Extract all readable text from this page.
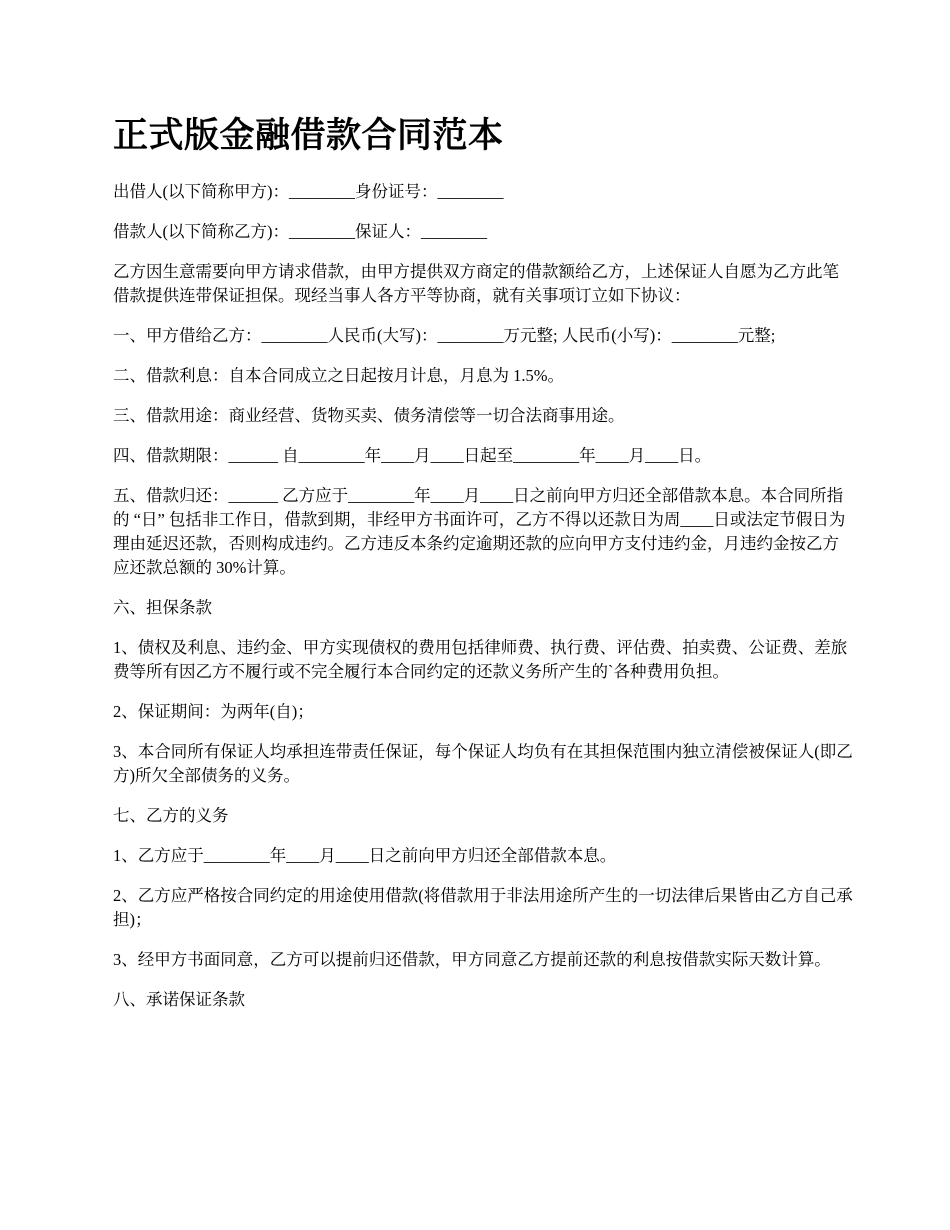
正式版金融借款合同范本

出借人(以下简称甲方)：________身份证号：________

借款人(以下简称乙方)：________保证人：________

乙方因生意需要向甲方请求借款，由甲方提供双方商定的借款额给乙方，上述保证人自愿为乙方此笔借款提供连带保证担保。现经当事人各方平等协商，就有关事项订立如下协议：

一、甲方借给乙方：________人民币(大写)：________万元整; 人民币(小写)：________元整;

二、借款利息：自本合同成立之日起按月计息，月息为 1.5%。

三、借款用途：商业经营、货物买卖、债务清偿等一切合法商事用途。

四、借款期限：______ 自________年____月____日起至________年____月____日。

五、借款归还：______ 乙方应于________年____月____日之前向甲方归还全部借款本息。本合同所指的 “日” 包括非工作日，借款到期，非经甲方书面许可，乙方不得以还款日为周____日或法定节假日为理由延迟还款，否则构成违约。乙方违反本条约定逾期还款的应向甲方支付违约金，月违约金按乙方应还款总额的 30%计算。

六、担保条款

1、债权及利息、违约金、甲方实现债权的费用包括律师费、执行费、评估费、拍卖费、公证费、差旅费等所有因乙方不履行或不完全履行本合同约定的还款义务所产生的`各种费用负担。

2、保证期间：为两年(自)；

3、本合同所有保证人均承担连带责任保证，每个保证人均负有在其担保范围内独立清偿被保证人(即乙方)所欠全部债务的义务。

七、乙方的义务

1、乙方应于________年____月____日之前向甲方归还全部借款本息。

2、乙方应严格按合同约定的用途使用借款(将借款用于非法用途所产生的一切法律后果皆由乙方自己承担)；

3、经甲方书面同意，乙方可以提前归还借款，甲方同意乙方提前还款的利息按借款实际天数计算。

八、承诺保证条款
